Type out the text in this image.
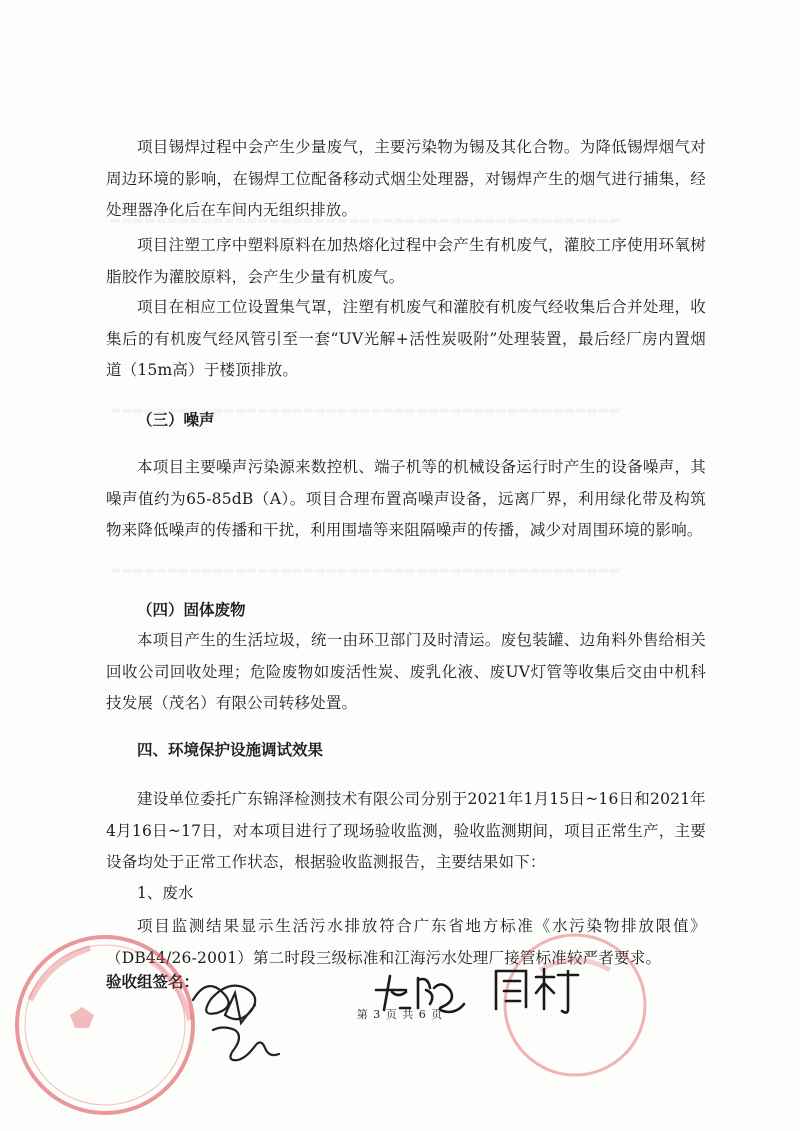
项目锡焊过程中会产生少量废气，主要污染物为锡及其化合物。为降低锡焊烟气对周边环境的影响，在锡焊工位配备移动式烟尘处理器，对锡焊产生的烟气进行捕集，经处理器净化后在车间内无组织排放。
项目注塑工序中塑料原料在加热熔化过程中会产生有机废气，灌胶工序使用环氧树脂胶作为灌胶原料，会产生少量有机废气。
项目在相应工位设置集气罩，注塑有机废气和灌胶有机废气经收集后合并处理，收集后的有机废气经风管引至一套“UV光解+活性炭吸附”处理装置，最后经厂房内置烟道（15m高）于楼顶排放。
（三）噪声
本项目主要噪声污染源来数控机、端子机等的机械设备运行时产生的设备噪声，其噪声值约为65-85dB（A）。项目合理布置高噪声设备，远离厂界，利用绿化带及构筑物来降低噪声的传播和干扰，利用围墙等来阻隔噪声的传播，减少对周围环境的影响。
（四）固体废物
本项目产生的生活垃圾，统一由环卫部门及时清运。废包装罐、边角料外售给相关回收公司回收处理；危险废物如废活性炭、废乳化液、废UV灯管等收集后交由中机科技发展（茂名）有限公司转移处置。
四、环境保护设施调试效果
建设单位委托广东锦泽检测技术有限公司分别于2021年1月15日~16日和2021年4月16日~17日，对本项目进行了现场验收监测，验收监测期间，项目正常生产，主要设备均处于正常工作状态，根据验收监测报告，主要结果如下：
1、废水
项目监测结果显示生活污水排放符合广东省地方标准《水污染物排放限值》（DB44/26-2001）第二时段三级标准和江海污水处理厂接管标准较严者要求。
验收组签名：
第 3 页 共 6 页
